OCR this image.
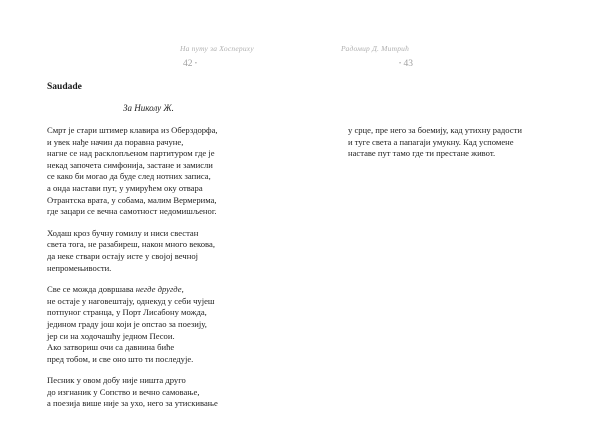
На путу за Хоспериху
42 •
Saudade
За Николу Ж.
Смрт је стари штимер клавира из Оберздорфа,
и увек нађе начин да поравна рачуне,
нагне се над расклопљеном партитуром где је
некад започета симфонија, застане и замисли
се како би могао да буде след нотних записа,
а онда настави пут, у умирућем оку отвара
Отрантска врата, у собама, малим Вермерима,
где зацари се вечна самотност недомишљеног.
Ходаш кроз бучну гомилу и ниси свестан
света тога, не разабиреш, након много векова,
да неке ствари остају исте у својој вечној
непромењивости.
Све се можда довршава негде другде,
не остаје у наговештају, однекуд у себи чујеш
потпуног странца, у Порт Лисабону можда,
једином граду још који је опстао за поезију,
јер си на ходочашћу једном Песои.
Ако затвориш очи са давнина биће
пред тобом, и све оно што ти последује.
Песник у овом добу није ништа друго
до изгнаник у Сопство и вечно самовање,
а поезија више није за ухо, него за утискивање
Радомир Д. Митрић
• 43
у срце, пре него за боемију, кад утихну радости
и туге света а папагаји умукну. Кад успомене
наставе пут тамо где ти престане живот.
